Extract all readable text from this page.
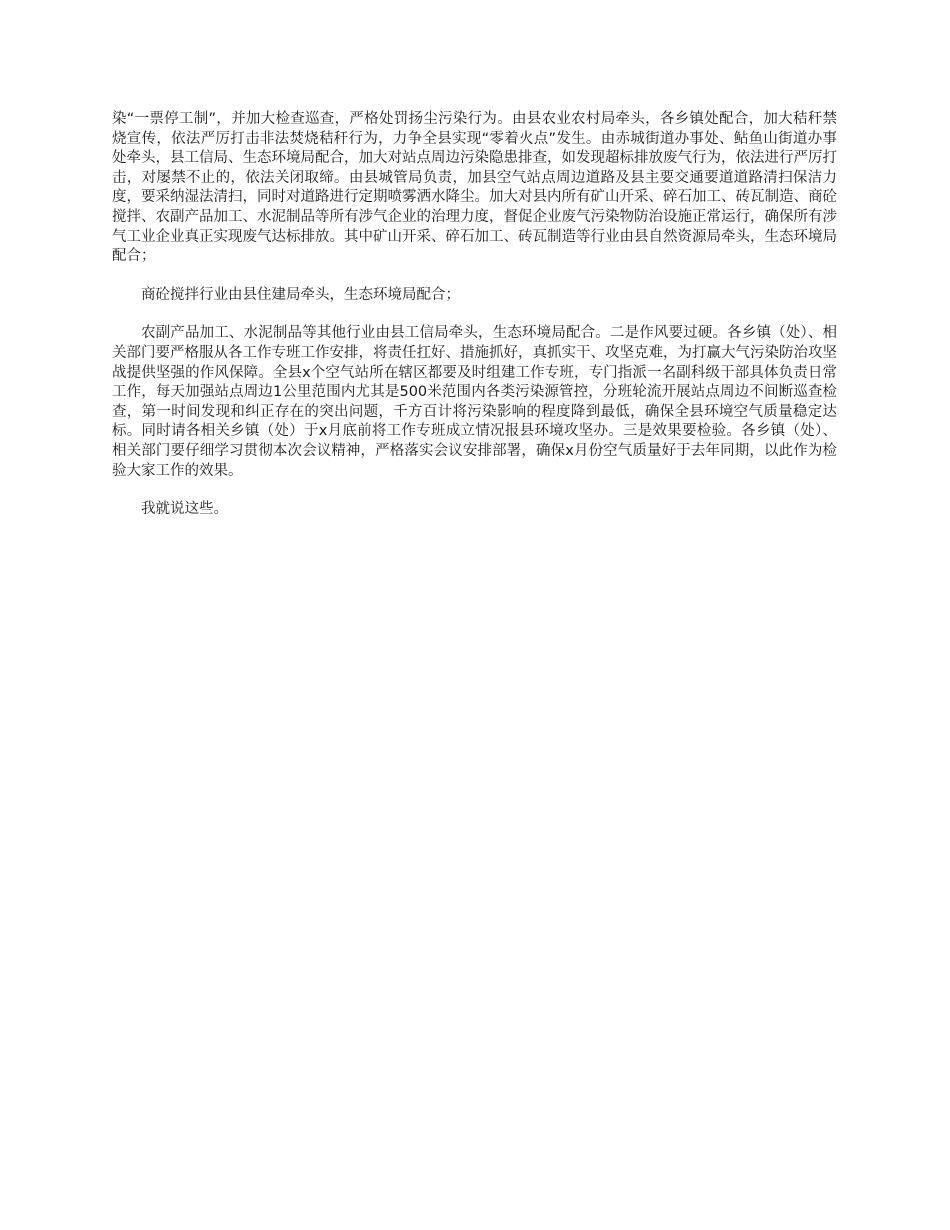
染“一票停工制”，并加大检查巡查，严格处罚扬尘污染行为。由县农业农村局牵头，各乡镇处配合，加大秸秆禁烧宣传，依法严厉打击非法焚烧秸秆行为，力争全县实现“零着火点”发生。由赤城街道办事处、鲇鱼山街道办事处牵头，县工信局、生态环境局配合，加大对站点周边污染隐患排查，如发现超标排放废气行为，依法进行严厉打击，对屡禁不止的，依法关闭取缔。由县城管局负责，加县空气站点周边道路及县主要交通要道道路清扫保洁力度，要采纳湿法清扫，同时对道路进行定期喷雾洒水降尘。加大对县内所有矿山开采、碎石加工、砖瓦制造、商砼搅拌、农副产品加工、水泥制品等所有涉气企业的治理力度，督促企业废气污染物防治设施正常运行，确保所有涉气工业企业真正实现废气达标排放。其中矿山开采、碎石加工、砖瓦制造等行业由县自然资源局牵头，生态环境局配合；

商砼搅拌行业由县住建局牵头，生态环境局配合；

农副产品加工、水泥制品等其他行业由县工信局牵头，生态环境局配合。二是作风要过硬。各乡镇（处）、相关部门要严格服从各工作专班工作安排，将责任扛好、措施抓好，真抓实干、攻坚克难，为打赢大气污染防治攻坚战提供坚强的作风保障。全县x个空气站所在辖区都要及时组建工作专班，专门指派一名副科级干部具体负责日常工作，每天加强站点周边1公里范围内尤其是500米范围内各类污染源管控，分班轮流开展站点周边不间断巡查检查，第一时间发现和纠正存在的突出问题，千方百计将污染影响的程度降到最低，确保全县环境空气质量稳定达标。同时请各相关乡镇（处）于x月底前将工作专班成立情况报县环境攻坚办。三是效果要检验。各乡镇（处）、相关部门要仔细学习贯彻本次会议精神，严格落实会议安排部署，确保x月份空气质量好于去年同期，以此作为检验大家工作的效果。

我就说这些。
